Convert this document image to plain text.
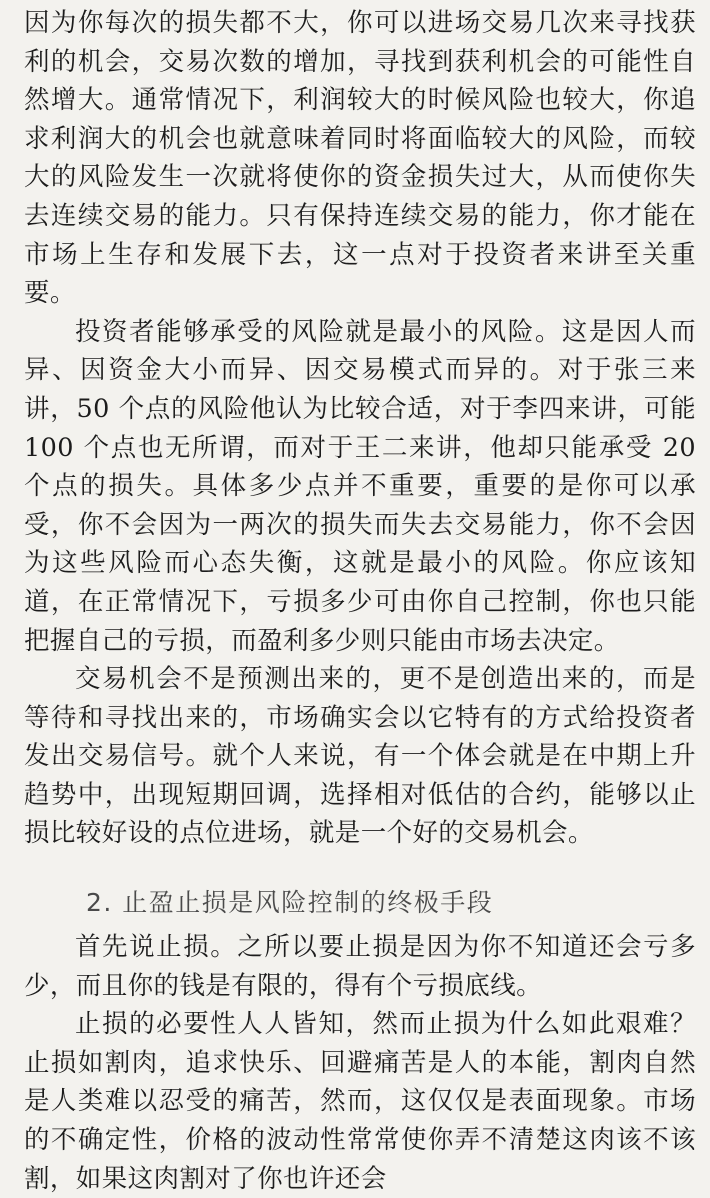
因为你每次的损失都不大，你可以进场交易几次来寻找获利的机会，交易次数的增加，寻找到获利机会的可能性自然增大。通常情况下，利润较大的时候风险也较大，你追求利润大的机会也就意味着同时将面临较大的风险，而较大的风险发生一次就将使你的资金损失过大，从而使你失去连续交易的能力。只有保持连续交易的能力，你才能在市场上生存和发展下去，这一点对于投资者来讲至关重要。

投资者能够承受的风险就是最小的风险。这是因人而异、因资金大小而异、因交易模式而异的。对于张三来讲，50 个点的风险他认为比较合适，对于李四来讲，可能 100 个点也无所谓，而对于王二来讲，他却只能承受 20 个点的损失。具体多少点并不重要，重要的是你可以承受，你不会因为一两次的损失而失去交易能力，你不会因为这些风险而心态失衡，这就是最小的风险。你应该知道，在正常情况下，亏损多少可由你自己控制，你也只能把握自己的亏损，而盈利多少则只能由市场去决定。

交易机会不是预测出来的，更不是创造出来的，而是等待和寻找出来的，市场确实会以它特有的方式给投资者发出交易信号。就个人来说，有一个体会就是在中期上升趋势中，出现短期回调，选择相对低估的合约，能够以止损比较好设的点位进场，就是一个好的交易机会。

2. 止盈止损是风险控制的终极手段

首先说止损。之所以要止损是因为你不知道还会亏多少，而且你的钱是有限的，得有个亏损底线。

止损的必要性人人皆知，然而止损为什么如此艰难？止损如割肉，追求快乐、回避痛苦是人的本能，割肉自然是人类难以忍受的痛苦，然而，这仅仅是表面现象。市场的不确定性，价格的波动性常常使你弄不清楚这肉该不该割，如果这肉割对了你也许还会
